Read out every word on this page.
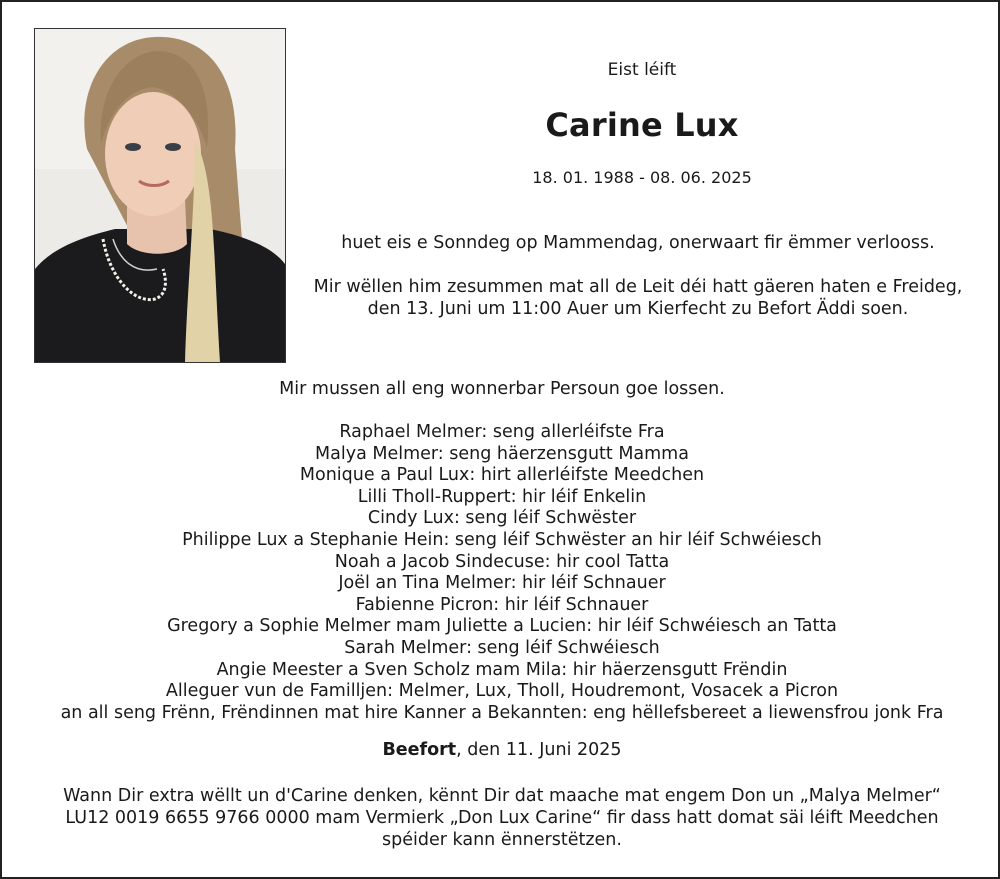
Eist léift
Carine Lux
18. 01. 1988 - 08. 06. 2025
huet eis e Sonndeg op Mammendag, onerwaart fir ëmmer verlooss.
Mir wëllen him zesummen mat all de Leit déi hatt gäeren haten e Freideg, den 13. Juni um 11:00 Auer um Kierfecht zu Befort Äddi soen.
Mir mussen all eng wonnerbar Persoun goe lossen.
Raphael Melmer: seng allerléifste Fra
Malya Melmer: seng häerzensgutt Mamma
Monique a Paul Lux: hirt allerléifste Meedchen
Lilli Tholl-Ruppert: hir léif Enkelin
Cindy Lux: seng léif Schwëster
Philippe Lux a Stephanie Hein: seng léif Schwëster an hir léif Schwéiesch
Noah a Jacob Sindecuse: hir cool Tatta
Joël an Tina Melmer: hir léif Schnauer
Fabienne Picron: hir léif Schnauer
Gregory a Sophie Melmer mam Juliette a Lucien: hir léif Schwéiesch an Tatta
Sarah Melmer: seng léif Schwéiesch
Angie Meester a Sven Scholz mam Mila: hir häerzensgutt Frëndin
Alleguer vun de Familljen: Melmer, Lux, Tholl, Houdremont, Vosacek a Picron
an all seng Frënn, Frëndinnen mat hire Kanner a Bekannten: eng hëllefsbereet a liewensfrou jonk Fra
Beefort, den 11. Juni 2025
Wann Dir extra wëllt un d'Carine denken, kënnt Dir dat maache mat engem Don un „Malya Melmer“ LU12 0019 6655 9766 0000 mam Vermierk „Don Lux Carine“ fir dass hatt domat säi léift Meedchen spéider kann ënnerstëtzen.
